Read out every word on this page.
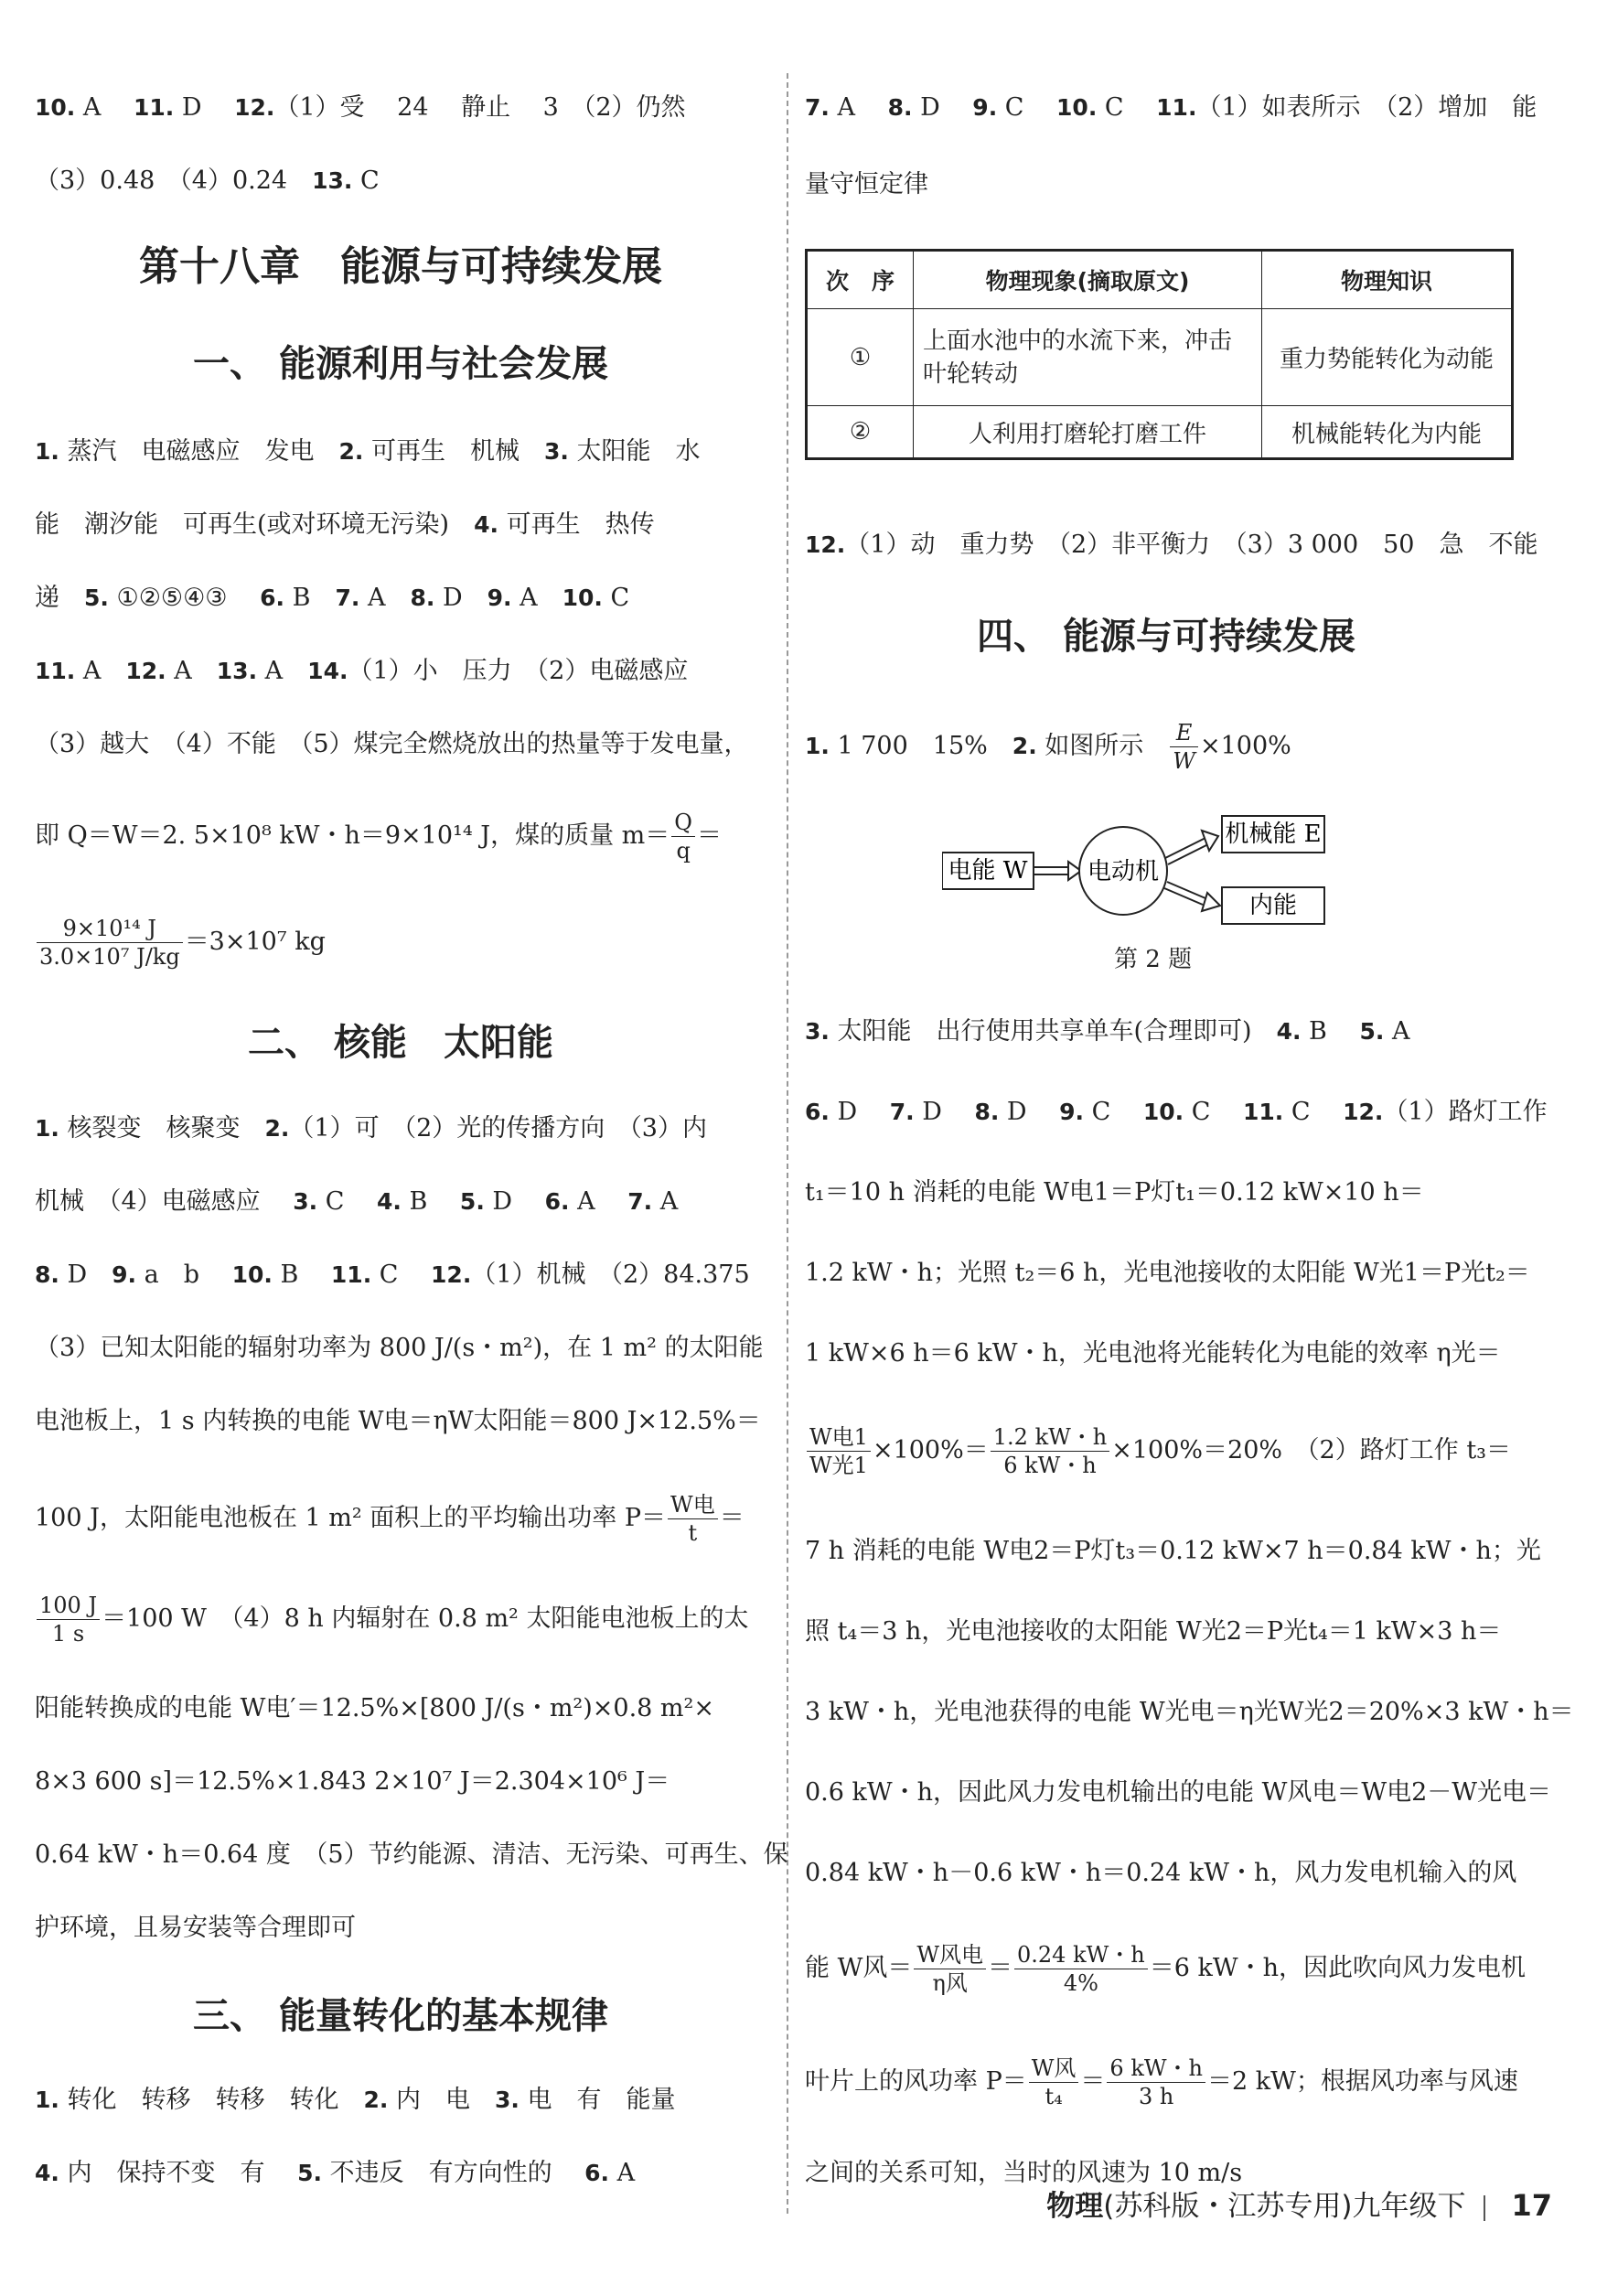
10. A　 11. D　 12.（1）受　 24　 静止　 3　（2）仍然
（3）0.48　（4）0.24　13. C
第十八章　能源与可持续发展
一、 能源利用与社会发展
1. 蒸汽　电磁感应　发电　2. 可再生　机械　3. 太阳能　水
能　潮汐能　可再生(或对环境无污染)　4. 可再生　热传
递　5. ①②⑤④③　 6. B　7. A　8. D　9. A　10. C
11. A　12. A　13. A　14.（1）小　压力　（2）电磁感应
（3）越大　（4）不能　（5）煤完全燃烧放出的热量等于发电量，
即 Q＝W＝2. 5×10⁸ kW・h＝9×10¹⁴ J，煤的质量 $m= \frac{Q}{q}$ ＝
$\frac{\text{9×10¹⁴ J}}{\text{3.0×10⁷ J/kg}} =3\times 10^7$ kg
二、 核能　太阳能
1. 核裂变　核聚变　2.（1）可　（2）光的传播方向　（3）内
机械　（4）电磁感应　 3. C　 4. B　 5. D　 6. A　 7. A
8. D　9. a　b　 10. B　 11. C　 12.（1）机械　（2）84.375
（3）已知太阳能的辐射功率为 800 J/(s・m²)，在 1 m² 的太阳能
电池板上，1 s 内转换的电能 W电＝ηW太阳能＝800 J×12.5%＝
100 J，太阳能电池板在 1 m² 面积上的平均输出功率 $P= \frac{\text{W电}}{t}$ ＝
$\frac{100 J}{1 s} =100$ W　（4）8 h 内辐射在 0.8 m² 太阳能电池板上的太
阳能转换成的电能 W电′＝12.5%×[800 J/(s・m²)×0.8 m²×
8×3 600 s]＝12.5%×1.843 2×10⁷ J＝2.304×10⁶ J＝
0.64 kW・h＝0.64 度　（5）节约能源、清洁、无污染、可再生、保
护环境，且易安装等合理即可
三、 能量转化的基本规律
1. 转化　转移　转移　转化　2. 内　电　3. 电　有　能量
4. 内　保持不变　有　 5. 不违反　有方向性的　 6. A
7. A　 8. D　 9. C　 10. C　 11.（1）如表所示　（2）增加　能
量守恒定律
次　序	物理现象(摘取原文)	物理知识
①	上面水池中的水流下来，冲击叶轮转动	重力势能转化为动能
②	人利用打磨轮打磨工件	机械能转化为内能
12.（1）动　重力势　（2）非平衡力　（3）3 000　50　急　不能
四、 能源与可持续发展
1. 1 700　15%　2. 如图所示　 $\frac{E}{W} \times 100\%$
电能 W	电动机
机械能 E
内能
第 2 题
3. 太阳能　出行使用共享单车(合理即可)　4. B　 5. A
6. D　 7. D　 8. D　 9. C　 10. C　 11. C　 12.（1）路灯工作
t₁＝10 h 消耗的电能 W电1＝P灯t₁＝0.12 kW×10 h＝
1.2 kW・h；光照 t₂＝6 h，光电池接收的太阳能 W光1＝P光t₂＝
1 kW×6 h＝6 kW・h，光电池将光能转化为电能的效率 η光＝
$\frac{\text{W电1}}{\text{W光1}} \times 100\%= \frac{1.2 kW・h}{6 kW・h} \times 100\%=20\%$　（2）路灯工作 t₃＝
7 h 消耗的电能 W电2＝P灯t₃＝0.12 kW×7 h＝0.84 kW・h；光
照 t₄＝3 h，光电池接收的太阳能 W光2＝P光t₄＝1 kW×3 h＝
3 kW・h，光电池获得的电能 W光电＝η光W光2＝20%×3 kW・h＝
0.6 kW・h，因此风力发电机输出的电能 W风电＝W电2－W光电＝
0.84 kW・h－0.6 kW・h＝0.24 kW・h，风力发电机输入的风
能 W风＝ $\frac{\text{W风电}}{\text{η风}} = \frac{0.24 kW・h}{4\%} =6$ kW・h，因此吹向风力发电机
叶片上的风功率 $P= \frac{\text{W风}}{\text{t₄}} = \frac{6 kW・h}{3 h} =2$ kW；根据风功率与风速
之间的关系可知，当时的风速为 10 m/s
物理(苏科版・江苏专用)九年级下 17
